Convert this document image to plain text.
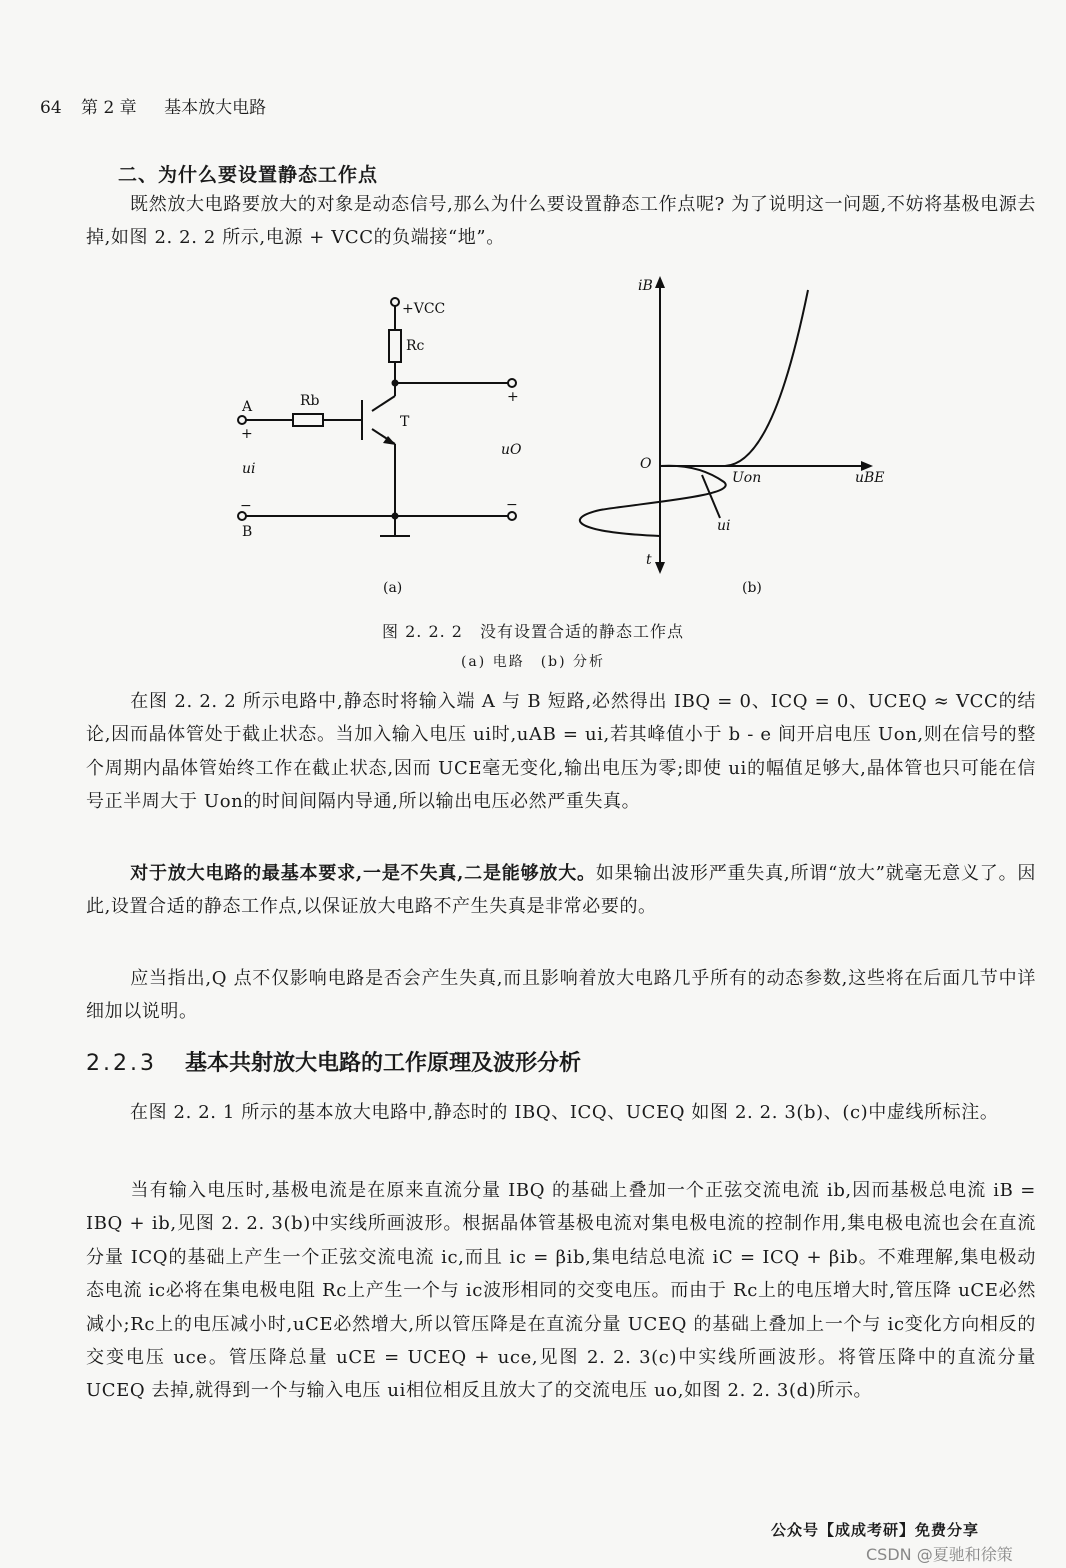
64 第 2 章 基本放大电路
二、为什么要设置静态工作点

既然放大电路要放大的对象是动态信号,那么为什么要设置静态工作点呢? 为了说明这一问题,不妨将基极电源去掉,如图 2. 2. 2 所示,电源 + VCC的负端接“地”。

+VCC
Rc
Rb
T
A
+
ui
−
B
+
uO
−
(a)
iB
O
Uon	uBE
ui
t
(b)
图 2. 2. 2　没有设置合适的静态工作点
(a) 电路　(b) 分析

在图 2. 2. 2 所示电路中,静态时将输入端 A 与 B 短路,必然得出 IBQ = 0、ICQ = 0、UCEQ ≈ VCC的结论,因而晶体管处于截止状态。当加入输入电压 ui时,uAB = ui,若其峰值小于 b - e 间开启电压 Uon,则在信号的整个周期内晶体管始终工作在截止状态,因而 UCE毫无变化,输出电压为零;即使 ui的幅值足够大,晶体管也只可能在信号正半周大于 Uon的时间间隔内导通,所以输出电压必然严重失真。

对于放大电路的最基本要求,一是不失真,二是能够放大。如果输出波形严重失真,所谓“放大”就毫无意义了。因此,设置合适的静态工作点,以保证放大电路不产生失真是非常必要的。

应当指出,Q 点不仅影响电路是否会产生失真,而且影响着放大电路几乎所有的动态参数,这些将在后面几节中详细加以说明。

2.2.3 基本共射放大电路的工作原理及波形分析

在图 2. 2. 1 所示的基本放大电路中,静态时的 IBQ、ICQ、UCEQ 如图 2. 2. 3(b)、(c)中虚线所标注。

当有输入电压时,基极电流是在原来直流分量 IBQ 的基础上叠加一个正弦交流电流 ib,因而基极总电流 iB = IBQ + ib,见图 2. 2. 3(b)中实线所画波形。根据晶体管基极电流对集电极电流的控制作用,集电极电流也会在直流分量 ICQ的基础上产生一个正弦交流电流 ic,而且 ic = βib,集电结总电流 iC = ICQ + βib。不难理解,集电极动态电流 ic必将在集电极电阻 Rc上产生一个与 ic波形相同的交变电压。而由于 Rc上的电压增大时,管压降 uCE必然减小;Rc上的电压减小时,uCE必然增大,所以管压降是在直流分量 UCEQ 的基础上叠加上一个与 ic变化方向相反的交变电压 uce。管压降总量 uCE = UCEQ + uce,见图 2. 2. 3(c)中实线所画波形。将管压降中的直流分量 UCEQ 去掉,就得到一个与输入电压 ui相位相反且放大了的交流电压 uo,如图 2. 2. 3(d)所示。

公众号【成成考研】免费分享
CSDN @夏驰和徐策
